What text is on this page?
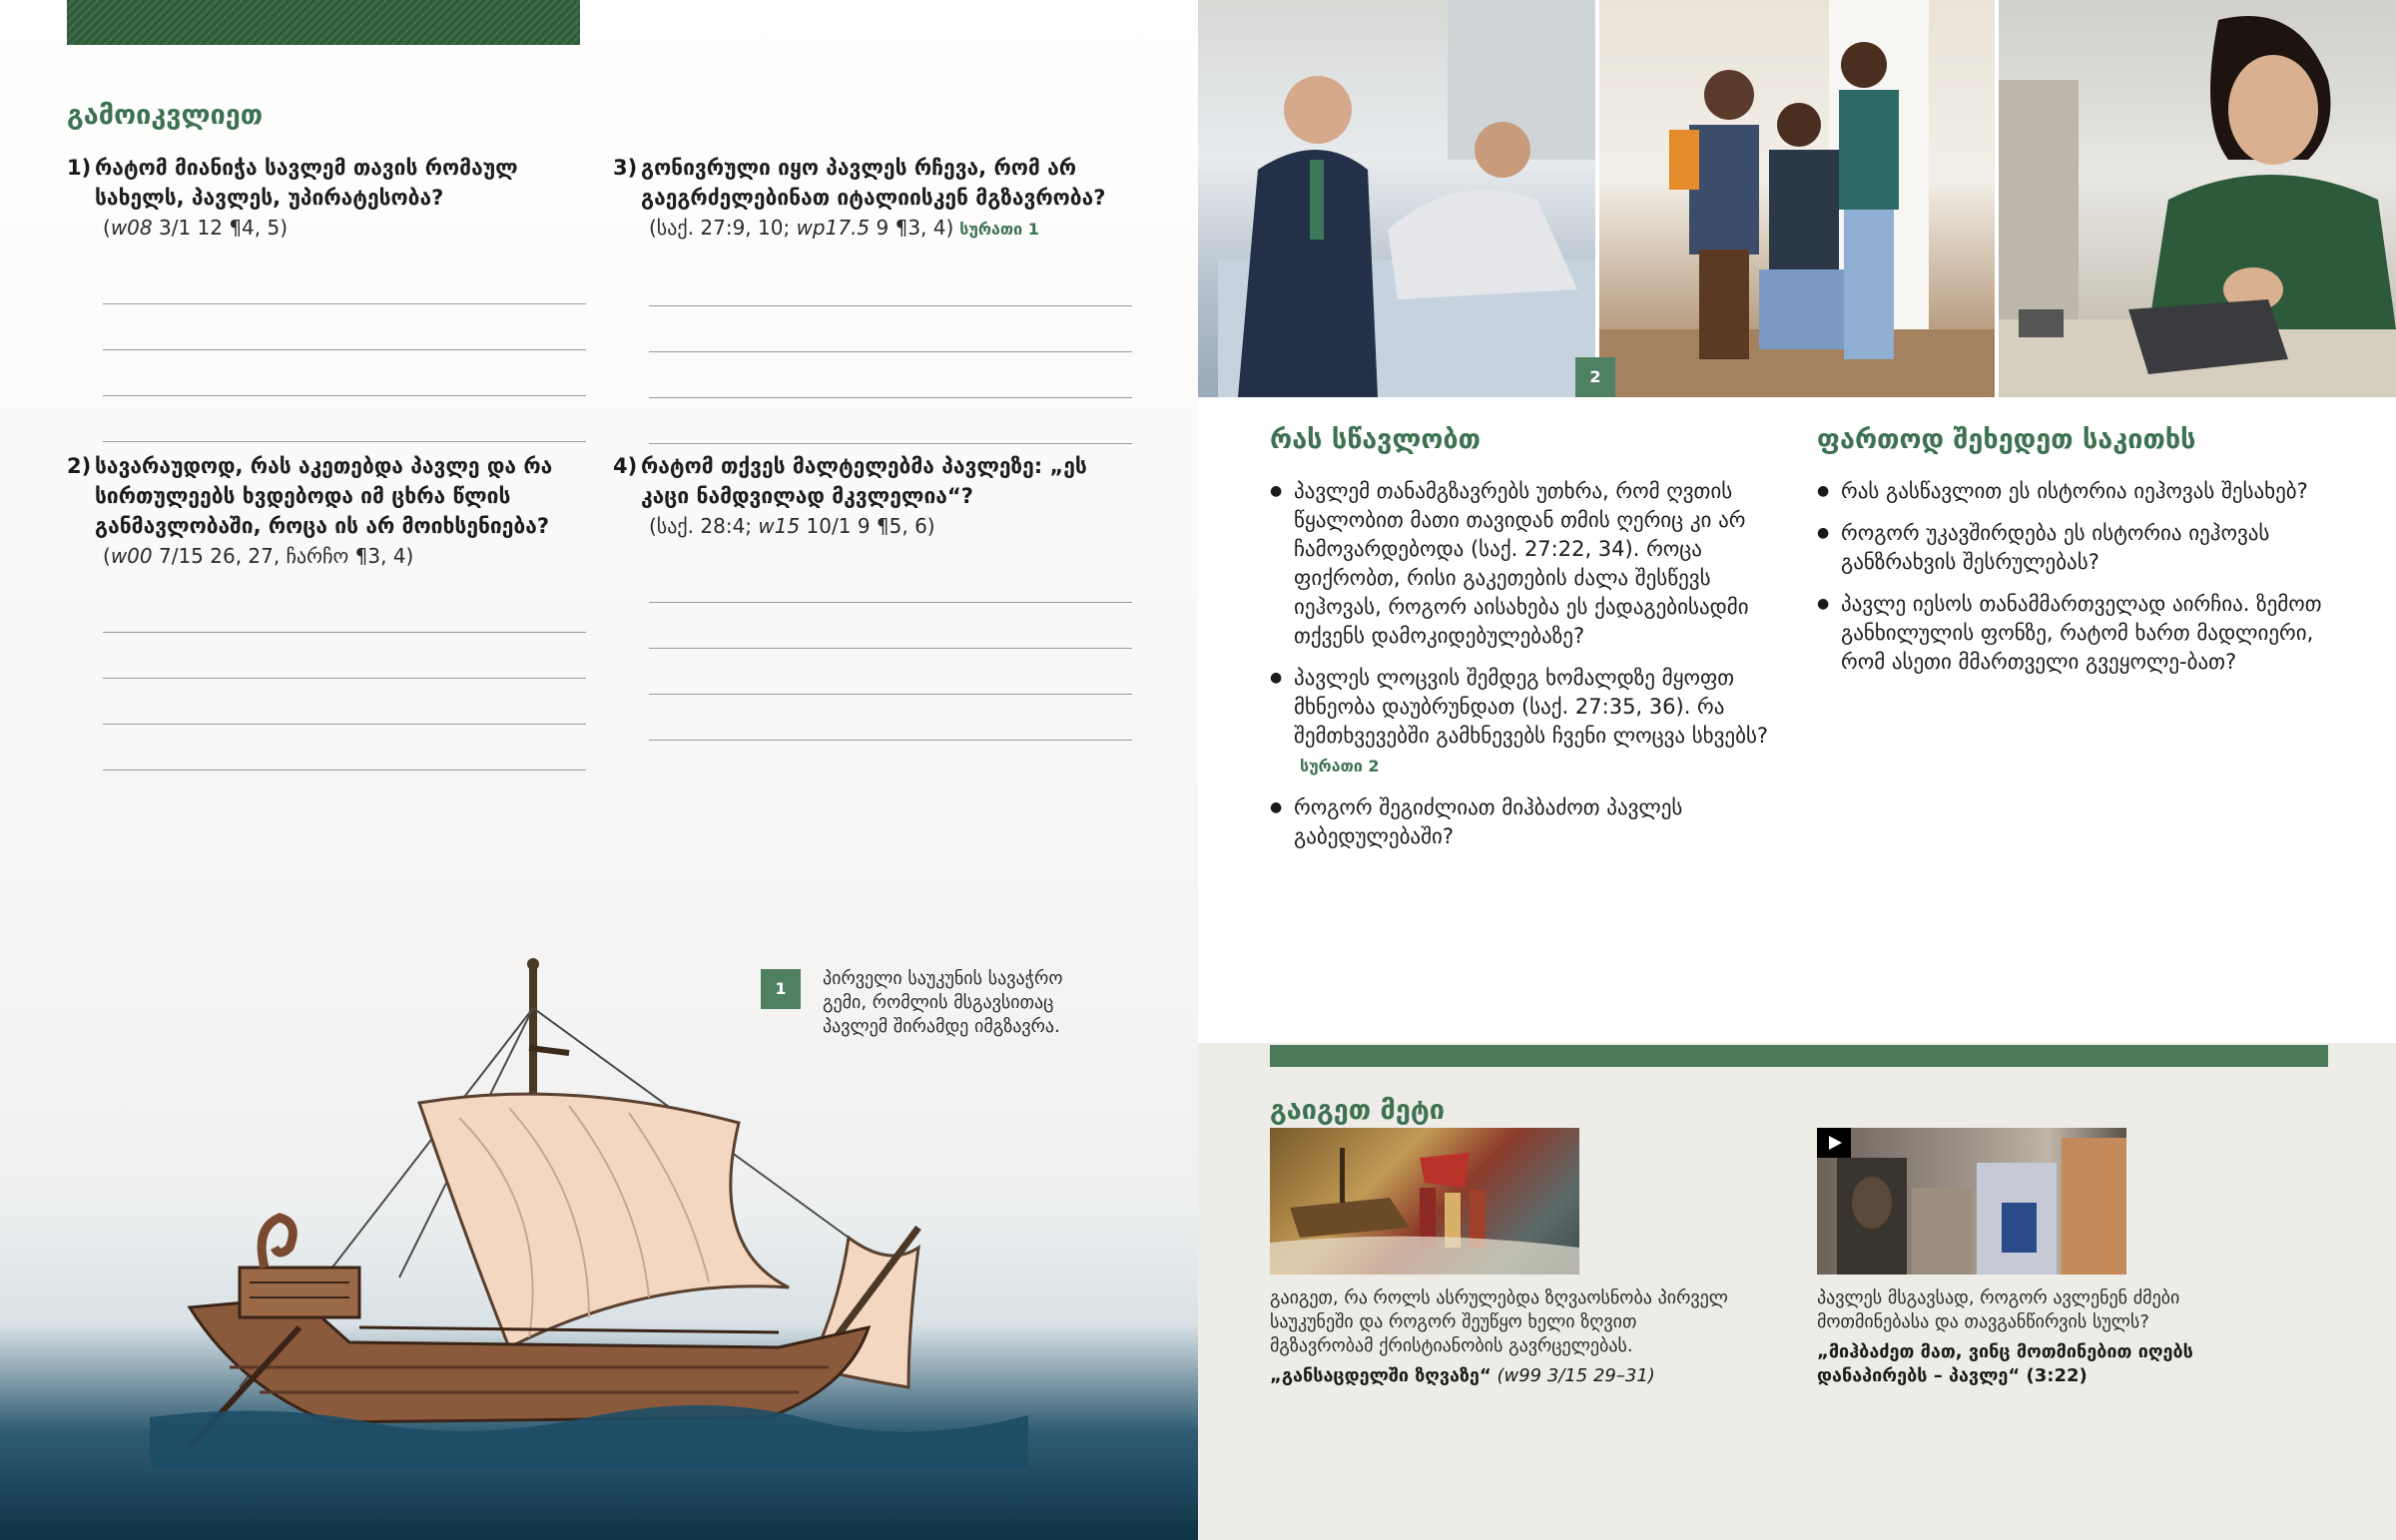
გამოიკვლიეთ
1) რატომ მიანიჭა სავლემ თავის რომაულ სახელს, პავლეს, უპირატესობა?
(w08 3/1 12 ¶4, 5)
3) გონივრული იყო პავლეს რჩევა, რომ არ გაეგრძელებინათ იტალიისკენ მგზავრობა?
(საქ. 27:9, 10; wp17.5 9 ¶3, 4) სურათი 1
2) სავარაუდოდ, რას აკეთებდა პავლე და რა სირთულეებს ხვდებოდა იმ ცხრა წლის განმავლობაში, როცა ის არ მოიხსენიება?
(w00 7/15 26, 27, ჩარჩო ¶3, 4)
4) რატომ თქვეს მალტელებმა პავლეზე: „ეს კაცი ნამდვილად მკვლელია“?
(საქ. 28:4; w15 10/1 9 ¶5, 6)
1	პირველი საუკუნის სავაჭრო გემი, რომლის მსგავსითაც პავლემ შირამდე იმგზავრა.
2
რას სწავლობთ
● პავლემ თანამგზავრებს უთხრა, რომ ღვთის წყალობით მათი თავიდან თმის ღერიც კი არ ჩამოვარდებოდა (საქ. 27:22, 34). როცა ფიქრობთ, რისი გაკეთების ძალა შესწევს იეჰოვას, როგორ აისახება ეს ქადაგებისადმი თქვენს დამოკიდებულებაზე?
● პავლეს ლოცვის შემდეგ ხომალდზე მყოფთ მხნეობა დაუბრუნდათ (საქ. 27:35, 36). რა შემთხვევებში გამხნევებს ჩვენი ლოცვა სხვებს?სურათი 2
● როგორ შეგიძლიათ მიჰბაძოთ პავლეს გაბედულებაში?
ფართოდ შეხედეთ საკითხს
● რას გასწავლით ეს ისტორია იეჰოვას შესახებ?
● როგორ უკავშირდება ეს ისტორია იეჰოვას განზრახვის შესრულებას?
● პავლე იესოს თანამმართველად აირჩია. ზემოთ განხილულის ფონზე, რატომ ხართ მადლიერი, რომ ასეთი მმართველი გვეყოლე-ბათ?
გაიგეთ მეტი
გაიგეთ, რა როლს ასრულებდა ზღვაოსნობა პირველ საუკუნეში და როგორ შეუწყო ხელი ზღვით მგზავრობამ ქრისტიანობის გავრცელებას.
„განსაცდელში ზღვაზე“ (w99 3/15 29–31)
პავლეს მსგავსად, როგორ ავლენენ ძმები მოთმინებასა და თავგანწირვის სულს?
„მიჰბაძეთ მათ, ვინც მოთმინებით იღებს დანაპირებს – პავლე“ (3:22)
